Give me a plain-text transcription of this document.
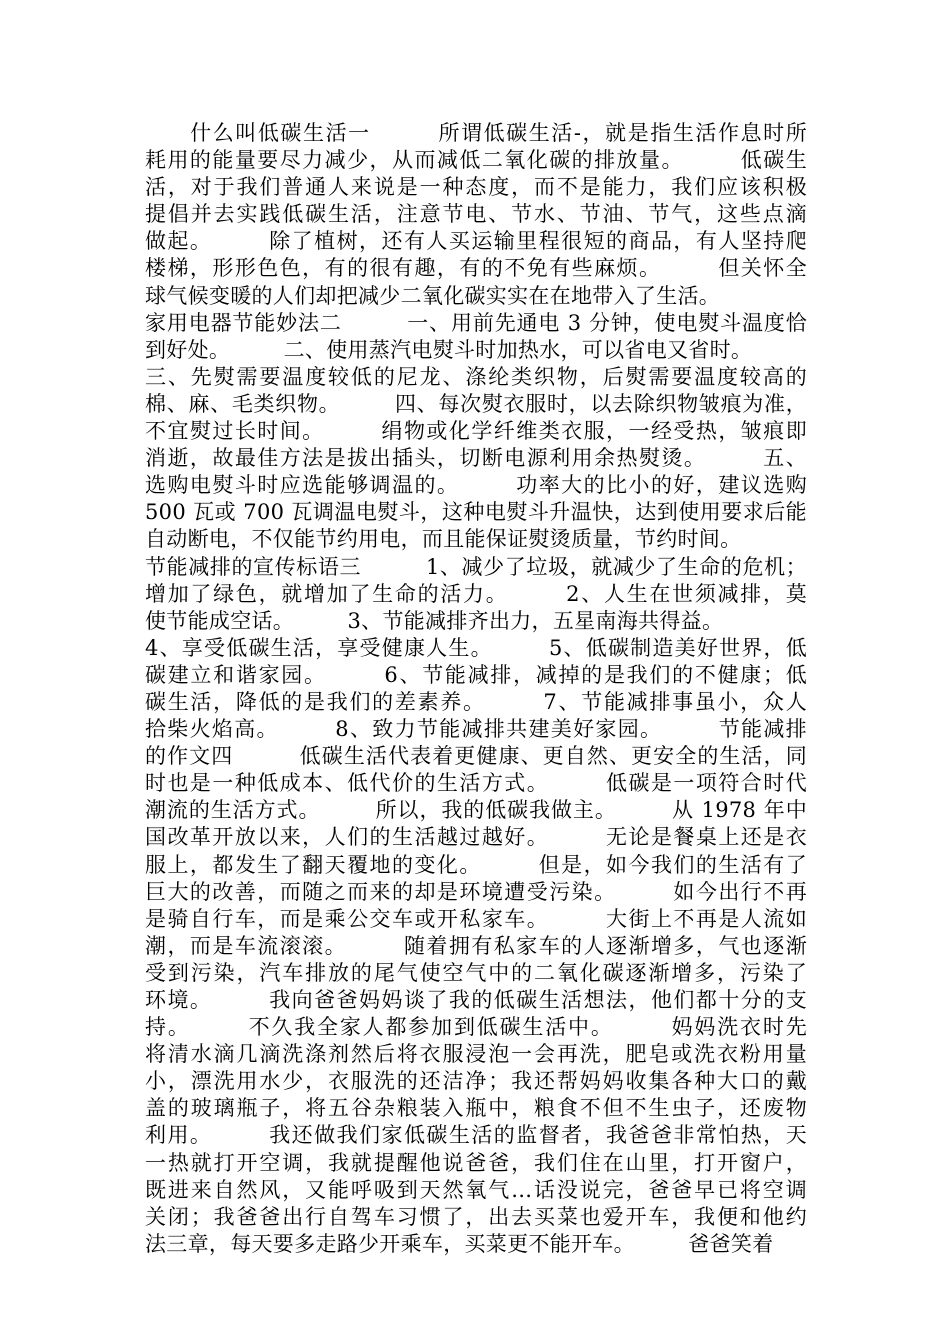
　　什么叫低碳生活一　　　所谓低碳生活-，就是指生活作息时所
耗用的能量要尽力减少，从而减低二氧化碳的排放量。　　　低碳生
活，对于我们普通人来说是一种态度，而不是能力，我们应该积极
提倡并去实践低碳生活，注意节电、节水、节油、节气，这些点滴
做起。　　　除了植树，还有人买运输里程很短的商品，有人坚持爬
楼梯，形形色色，有的很有趣，有的不免有些麻烦。　　　但关怀全
球气候变暖的人们却把减少二氧化碳实实在在地带入了生活。
家用电器节能妙法二　　　一、用前先通电 3 分钟，使电熨斗温度恰
到好处。　　　二、使用蒸汽电熨斗时加热水，可以省电又省时。
三、先熨需要温度较低的尼龙、涤纶类织物，后熨需要温度较高的
棉、麻、毛类织物。　　　四、每次熨衣服时，以去除织物皱痕为准，
不宜熨过长时间。　　　绢物或化学纤维类衣服，一经受热，皱痕即
消逝，故最佳方法是拔出插头，切断电源利用余热熨烫。　　　五、
选购电熨斗时应选能够调温的。　　　功率大的比小的好，建议选购
500 瓦或 700 瓦调温电熨斗，这种电熨斗升温快，达到使用要求后能
自动断电，不仅能节约用电，而且能保证熨烫质量，节约时间。
节能减排的宣传标语三　　　1、减少了垃圾，就减少了生命的危机；
增加了绿色，就增加了生命的活力。　　　2、人生在世须减排，莫
使节能成空话。　　　3、节能减排齐出力，五星南海共得益。
4、享受低碳生活，享受健康人生。　　　5、低碳制造美好世界，低
碳建立和谐家园。　　　6、节能减排，减掉的是我们的不健康；低
碳生活，降低的是我们的差素养。　　　7、节能减排事虽小，众人
拾柴火焰高。　　　8、致力节能减排共建美好家园。　　　节能减排
的作文四　　　低碳生活代表着更健康、更自然、更安全的生活，同
时也是一种低成本、低代价的生活方式。　　　低碳是一项符合时代
潮流的生活方式。　　　所以，我的低碳我做主。　　　从 1978 年中
国改革开放以来，人们的生活越过越好。　　　无论是餐桌上还是衣
服上，都发生了翻天覆地的变化。　　　但是，如今我们的生活有了
巨大的改善，而随之而来的却是环境遭受污染。　　　如今出行不再
是骑自行车，而是乘公交车或开私家车。　　　大街上不再是人流如
潮，而是车流滚滚。　　　随着拥有私家车的人逐渐增多，气也逐渐
受到污染，汽车排放的尾气使空气中的二氧化碳逐渐增多，污染了
环境。　　　我向爸爸妈妈谈了我的低碳生活想法，他们都十分的支
持。　　　不久我全家人都参加到低碳生活中。　　　妈妈洗衣时先
将清水滴几滴洗涤剂然后将衣服浸泡一会再洗，肥皂或洗衣粉用量
小，漂洗用水少，衣服洗的还洁净；我还帮妈妈收集各种大口的戴
盖的玻璃瓶子，将五谷杂粮装入瓶中，粮食不但不生虫子，还废物
利用。　　　我还做我们家低碳生活的监督者，我爸爸非常怕热，天
一热就打开空调，我就提醒他说爸爸，我们住在山里，打开窗户，
既进来自然风，又能呼吸到天然氧气…话没说完，爸爸早已将空调
关闭；我爸爸出行自驾车习惯了，出去买菜也爱开车，我便和他约
法三章，每天要多走路少开乘车，买菜更不能开车。　　　爸爸笑着
